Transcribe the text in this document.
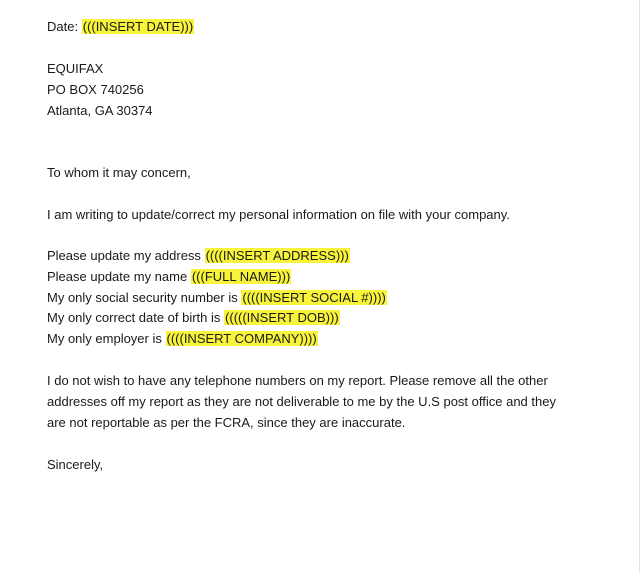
Date: (((INSERT DATE)))
EQUIFAX
PO BOX 740256
Atlanta, GA 30374
To whom it may concern,
I am writing to update/correct my personal information on file with your company.
Please update my address ((((INSERT ADDRESS)))
Please update my name (((FULL NAME)))
My only social security number is ((((INSERT SOCIAL #))))
My only correct date of birth is (((((INSERT DOB)))
My only employer is ((((INSERT COMPANY))))
I do not wish to have any telephone numbers on my report. Please remove all the other
addresses off my report as they are not deliverable to me by the U.S post office and they
are not reportable as per the FCRA, since they are inaccurate.
Sincerely,
